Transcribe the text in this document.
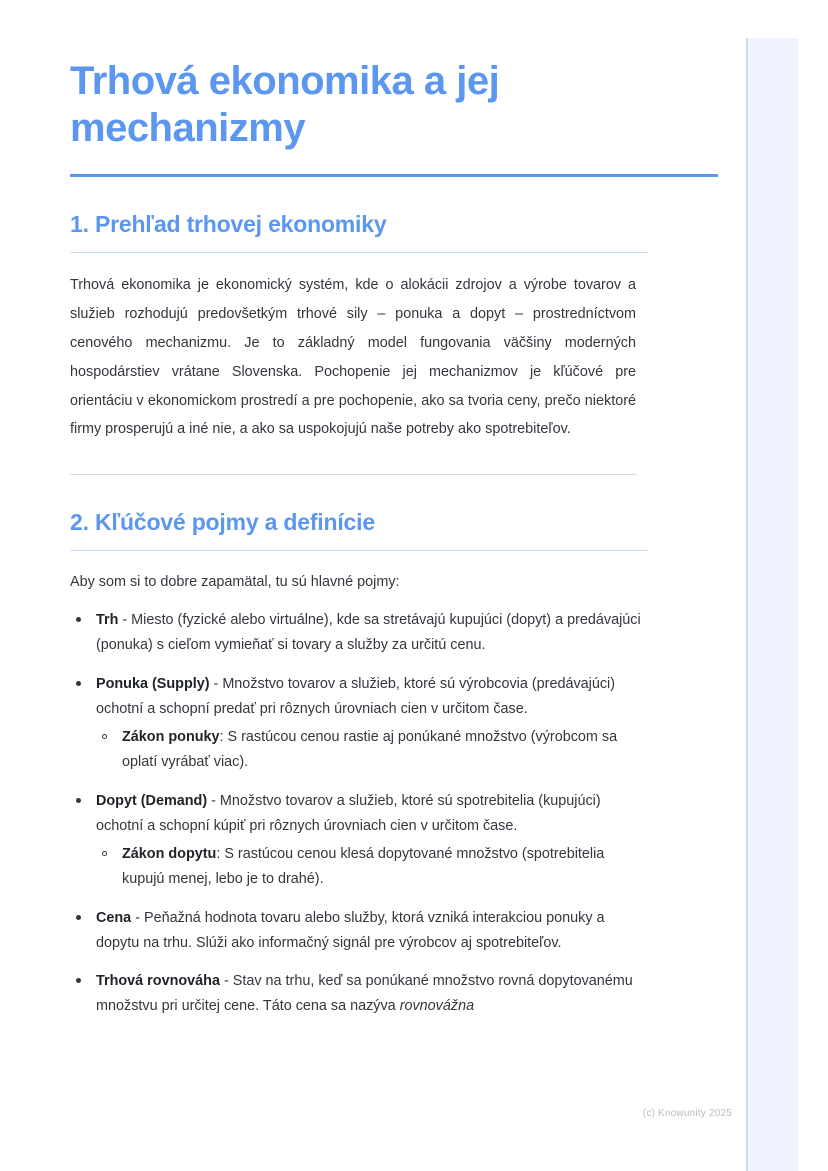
Trhová ekonomika a jej mechanizmy
1. Prehľad trhovej ekonomiky

Trhová ekonomika je ekonomický systém, kde o alokácii zdrojov a výrobe tovarov a služieb rozhodujú predovšetkým trhové sily – ponuka a dopyt – prostredníctvom cenového mechanizmu. Je to základný model fungovania väčšiny moderných hospodárstiev vrátane Slovenska. Pochopenie jej mechanizmov je kľúčové pre orientáciu v ekonomickom prostredí a pre pochopenie, ako sa tvoria ceny, prečo niektoré firmy prosperujú a iné nie, a ako sa uspokojujú naše potreby ako spotrebiteľov.

2. Kľúčové pojmy a definície

Aby som si to dobre zapamätal, tu sú hlavné pojmy:

Trh - Miesto (fyzické alebo virtuálne), kde sa stretávajú kupujúci (dopyt) a predávajúci (ponuka) s cieľom vymieňať si tovary a služby za určitú cenu.
Ponuka (Supply) - Množstvo tovarov a služieb, ktoré sú výrobcovia (predávajúci) ochotní a schopní predať pri rôznych úrovniach cien v určitom čase.
Zákon ponuky: S rastúcou cenou rastie aj ponúkané množstvo (výrobcom sa oplatí vyrábať viac).
Dopyt (Demand) - Množstvo tovarov a služieb, ktoré sú spotrebitelia (kupujúci) ochotní a schopní kúpiť pri rôznych úrovniach cien v určitom čase.
Zákon dopytu: S rastúcou cenou klesá dopytované množstvo (spotrebitelia kupujú menej, lebo je to drahé).
Cena - Peňažná hodnota tovaru alebo služby, ktorá vzniká interakciou ponuky a dopytu na trhu. Slúži ako informačný signál pre výrobcov aj spotrebiteľov.
Trhová rovnováha - Stav na trhu, keď sa ponúkané množstvo rovná dopytovanému množstvu pri určitej cene. Táto cena sa nazýva rovnovážna
(c) Knowunity 2025
